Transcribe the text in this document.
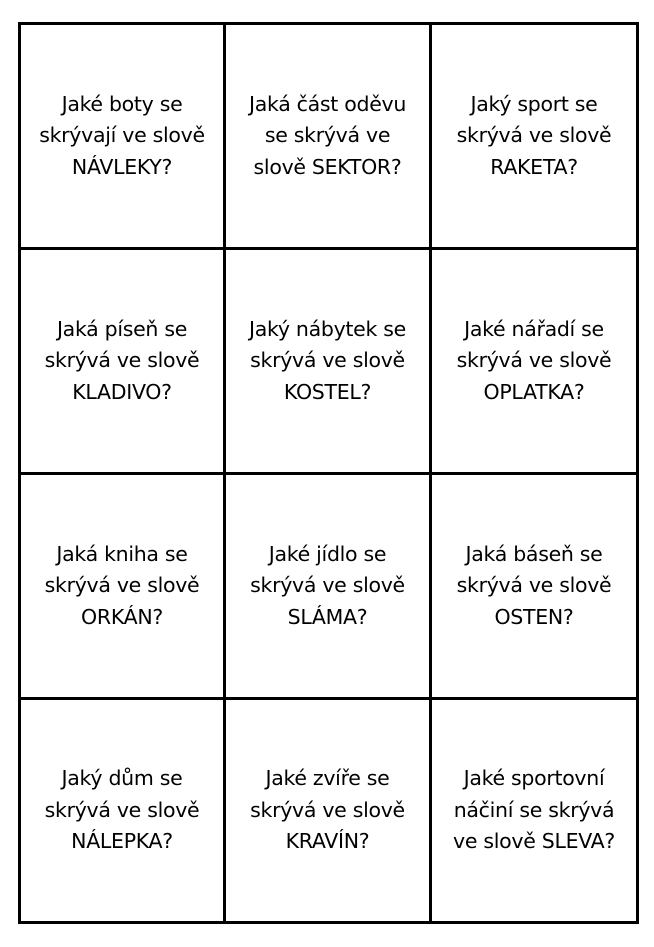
Jaké boty se
skrývají ve slově
NÁVLEKY?
Jaká část oděvu
se skrývá ve
slově SEKTOR?
Jaký sport se
skrývá ve slově
RAKETA?
Jaká píseň se
skrývá ve slově
KLADIVO?
Jaký nábytek se
skrývá ve slově
KOSTEL?
Jaké nářadí se
skrývá ve slově
OPLATKA?
Jaká kniha se
skrývá ve slově
ORKÁN?
Jaké jídlo se
skrývá ve slově
SLÁMA?
Jaká báseň se
skrývá ve slově
OSTEN?
Jaký dům se
skrývá ve slově
NÁLEPKA?
Jaké zvíře se
skrývá ve slově
KRAVÍN?
Jaké sportovní
náčiní se skrývá
ve slově SLEVA?
